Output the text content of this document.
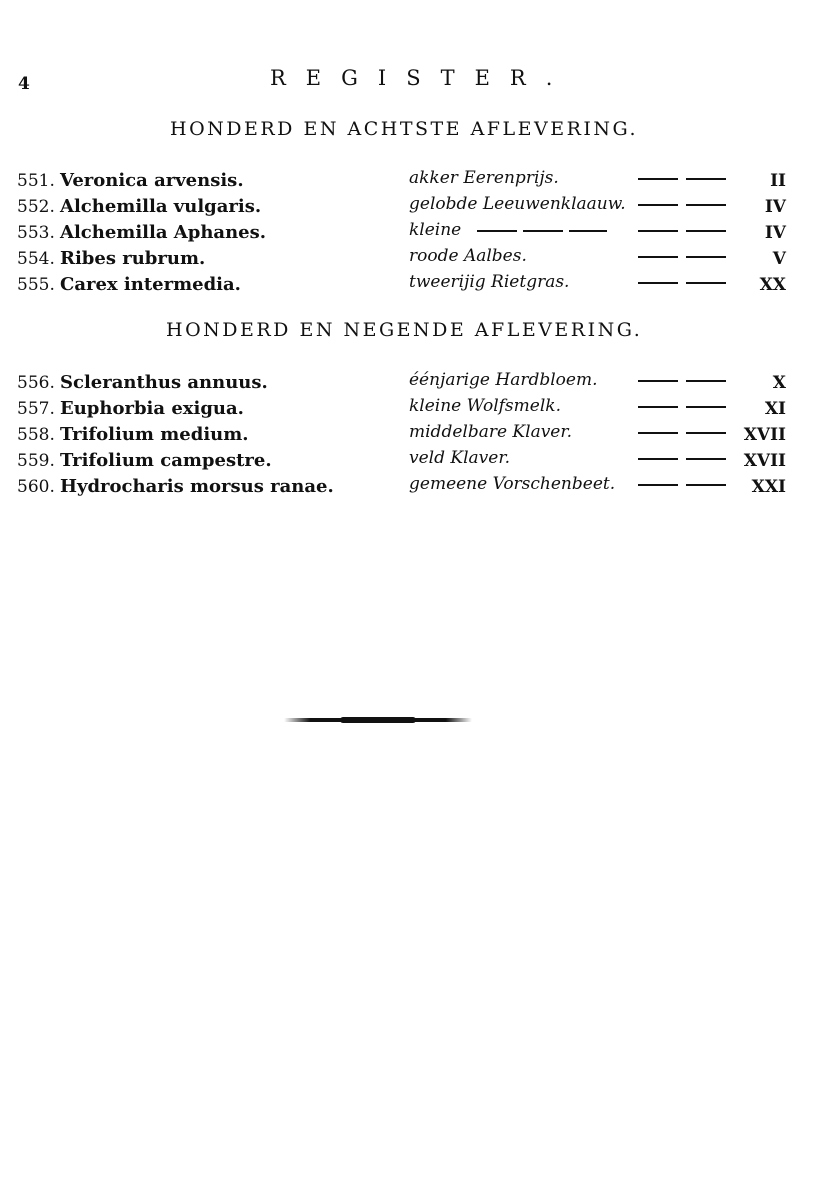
4	REGISTER.
HONDERD EN ACHTSTE AFLEVERING.
551. Veronica arvensis.	akker Eerenprijs.	II
552. Alchemilla vulgaris.	gelobde Leeuwenklaauw.	IV
553. Alchemilla Aphanes.	kleine	IV
554. Ribes rubrum.	roode Aalbes.	V
555. Carex intermedia.	tweerijig Rietgras.	XX
HONDERD EN NEGENDE AFLEVERING.
556. Scleranthus annuus.	éénjarige Hardbloem.	X
557. Euphorbia exigua.	kleine Wolfsmelk.	XI
558. Trifolium medium.	middelbare Klaver.	XVII
559. Trifolium campestre.	veld Klaver.	XVII
560. Hydrocharis morsus ranae.	gemeene Vorschenbeet.	XXI
